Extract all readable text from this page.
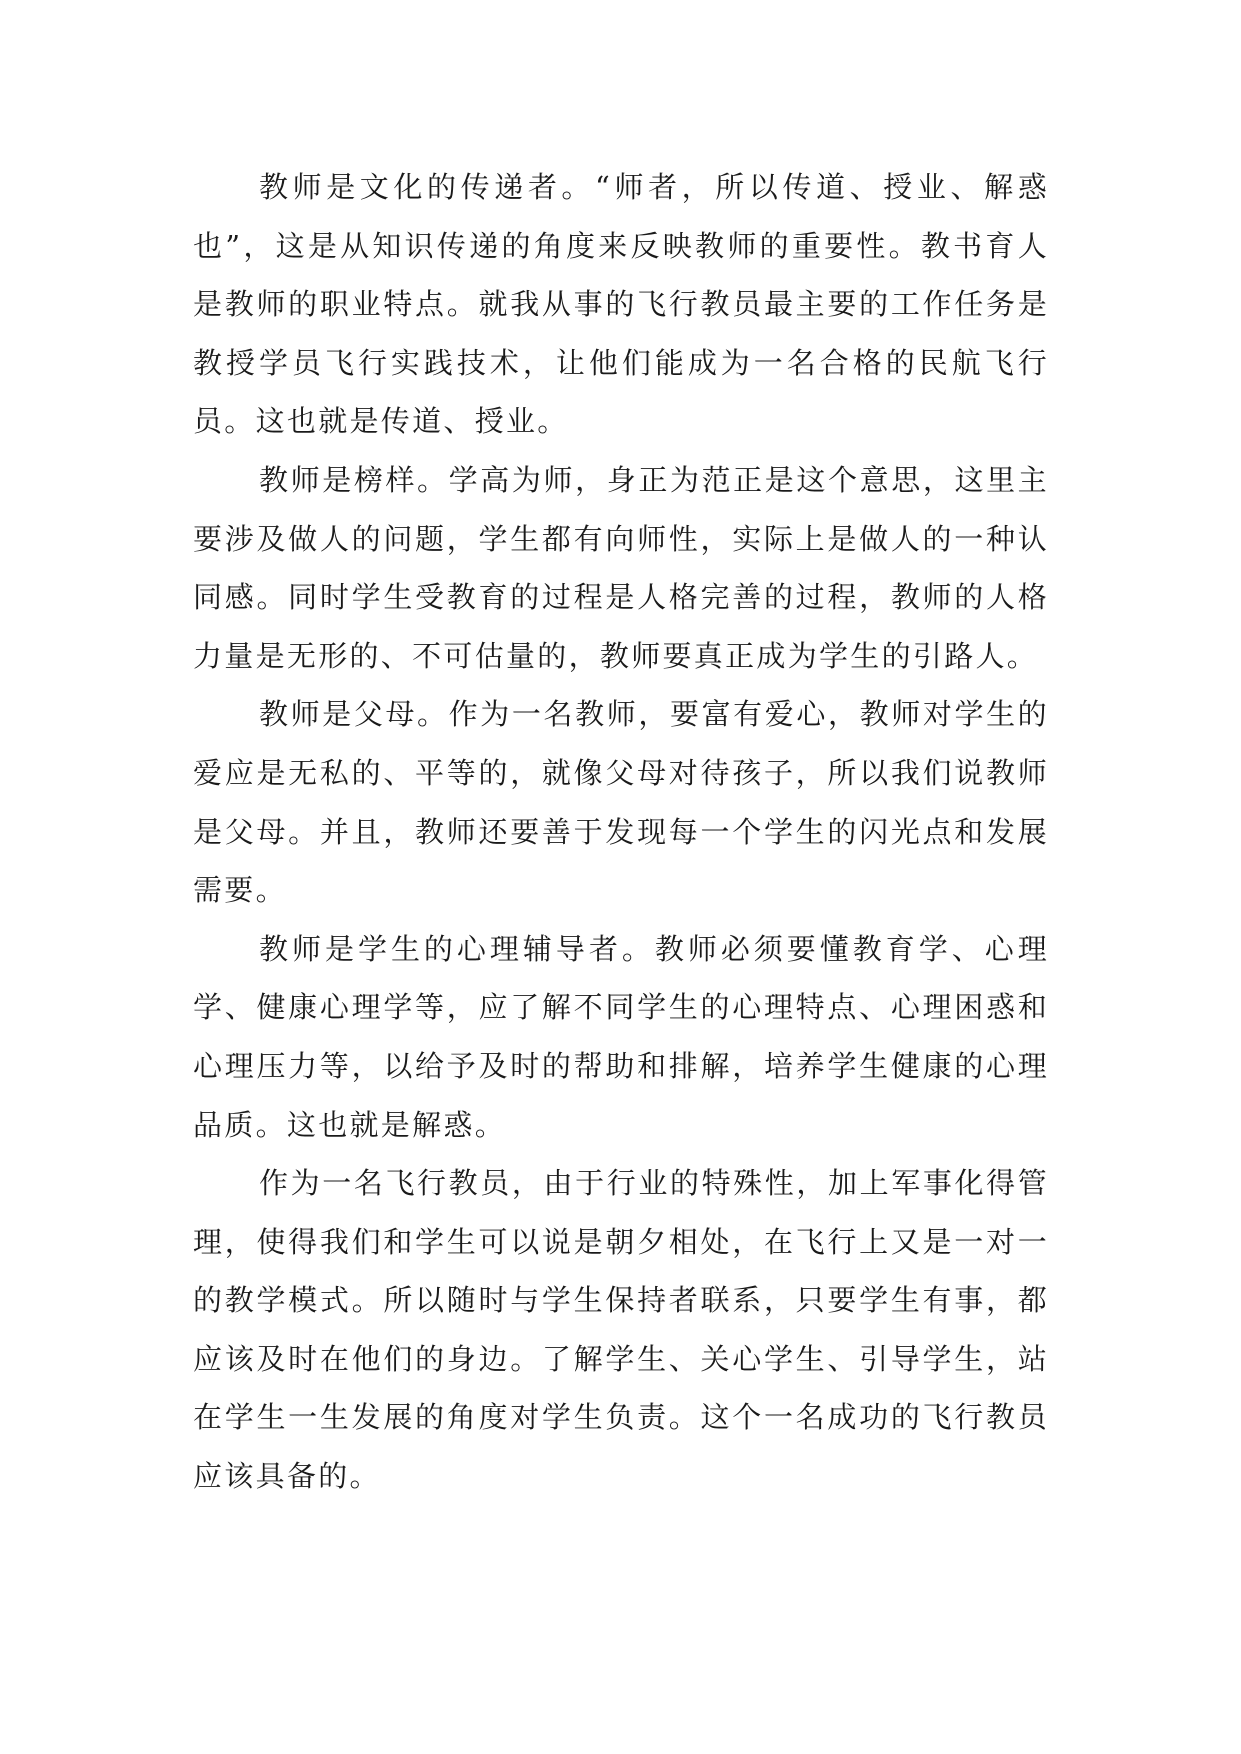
教师是文化的传递者。“师者，所以传道、授业、解惑也”，这是从知识传递的角度来反映教师的重要性。教书育人是教师的职业特点。就我从事的飞行教员最主要的工作任务是教授学员飞行实践技术，让他们能成为一名合格的民航飞行员。这也就是传道、授业。

教师是榜样。学高为师，身正为范正是这个意思，这里主要涉及做人的问题，学生都有向师性，实际上是做人的一种认同感。同时学生受教育的过程是人格完善的过程，教师的人格力量是无形的、不可估量的，教师要真正成为学生的引路人。

教师是父母。作为一名教师，要富有爱心，教师对学生的爱应是无私的、平等的，就像父母对待孩子，所以我们说教师是父母。并且，教师还要善于发现每一个学生的闪光点和发展需要。

教师是学生的心理辅导者。教师必须要懂教育学、心理学、健康心理学等，应了解不同学生的心理特点、心理困惑和心理压力等，以给予及时的帮助和排解，培养学生健康的心理品质。这也就是解惑。

作为一名飞行教员，由于行业的特殊性，加上军事化得管理，使得我们和学生可以说是朝夕相处，在飞行上又是一对一的教学模式。所以随时与学生保持者联系，只要学生有事，都应该及时在他们的身边。了解学生、关心学生、引导学生，站在学生一生发展的角度对学生负责。这个一名成功的飞行教员应该具备的。
